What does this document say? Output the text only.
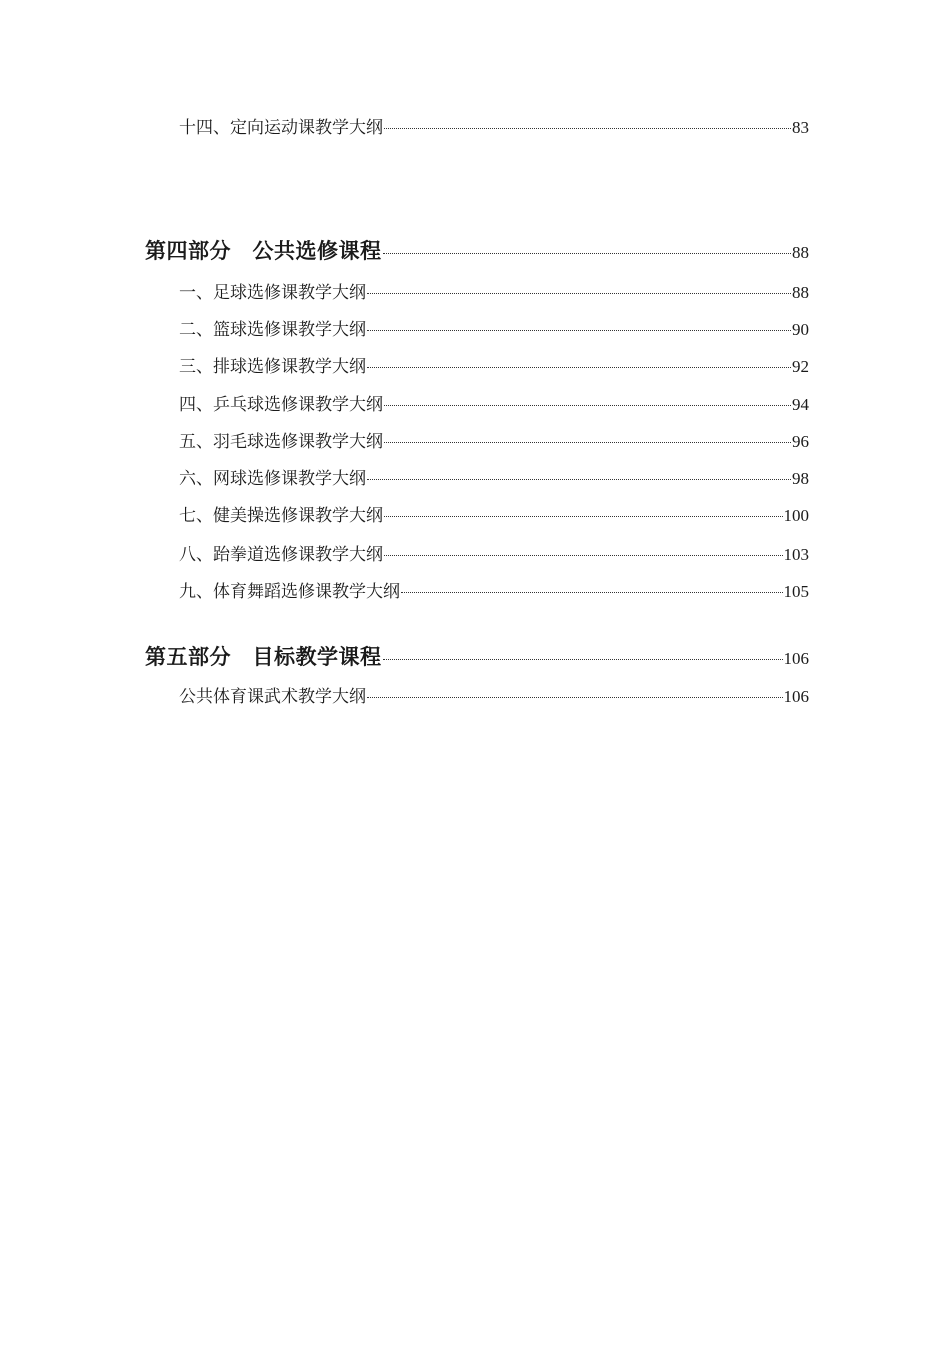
十四、定向运动课教学大纲	83
第四部分　公共选修课程	88
一、足球选修课教学大纲	88
二、篮球选修课教学大纲	90
三、排球选修课教学大纲	92
四、乒乓球选修课教学大纲	94
五、羽毛球选修课教学大纲	96
六、网球选修课教学大纲	98
七、健美操选修课教学大纲	100
八、跆拳道选修课教学大纲	103
九、体育舞蹈选修课教学大纲	105
第五部分　目标教学课程	106
公共体育课武术教学大纲	106
